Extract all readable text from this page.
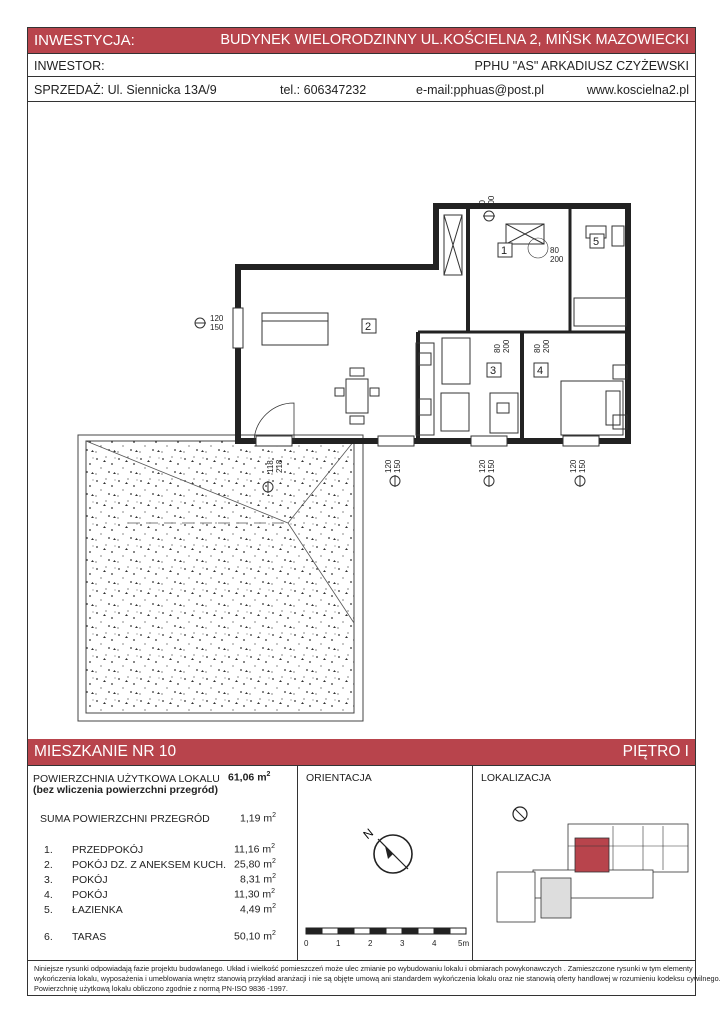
INWESTYCJA:	BUDYNEK WIELORODZINNY UL.KOŚCIELNA 2, MIŃSK MAZOWIECKI
INWESTOR:	PPHU "AS" ARKADIUSZ CZYŻEWSKI
SPRZEDAŻ: Ul. Siennicka 13A/9	tel.: 606347232	e-mail:pphuas@post.pl	www.koscielna2.pl
1
2
3	4
5
120
150
118 218	120 150	120 150	120 150
90 200
80
200
80 200	80 200
MIESZKANIE NR 10	PIĘTRO I
POWIERZCHNIA UŻYTKOWA LOKALU
(bez wliczenia powierzchni przegród)
61,06 $m^2$
SUMA POWIERZCHNI PRZEGRÓD	1,19 $m^2$
1. PRZEDPOKÓJ	11,16 $m^2$
2. POKÓJ DZ. Z ANEKSEM KUCH. 25,80 $m^2$
3. POKÓJ	8,31 $m^2$
4. POKÓJ	11,30 $m^2$
5. ŁAZIENKA	4,49 $m^2$
6. TARAS	50,10 $m^2$
ORIENTACJA
N
0	1	2	3	4	5m
LOKALIZACJA
Niniejsze rysunki odpowiadają fazie projektu budowlanego. Układ i wielkość pomieszczeń może ulec zmianie po wybudowaniu lokalu i obmiarach powykonawczych . Zamieszczone rysunki w tym elementy
wykończenia lokalu, wyposażenia i umeblowania wnętrz stanowią przykład aranżacji i nie są objęte umową ani standardem wykończenia lokalu oraz nie stanowią oferty handlowej w rozumieniu kodeksu cywilnego.
Powierzchnię użytkową lokalu obliczono zgodnie z normą PN-ISO 9836 -1997.
